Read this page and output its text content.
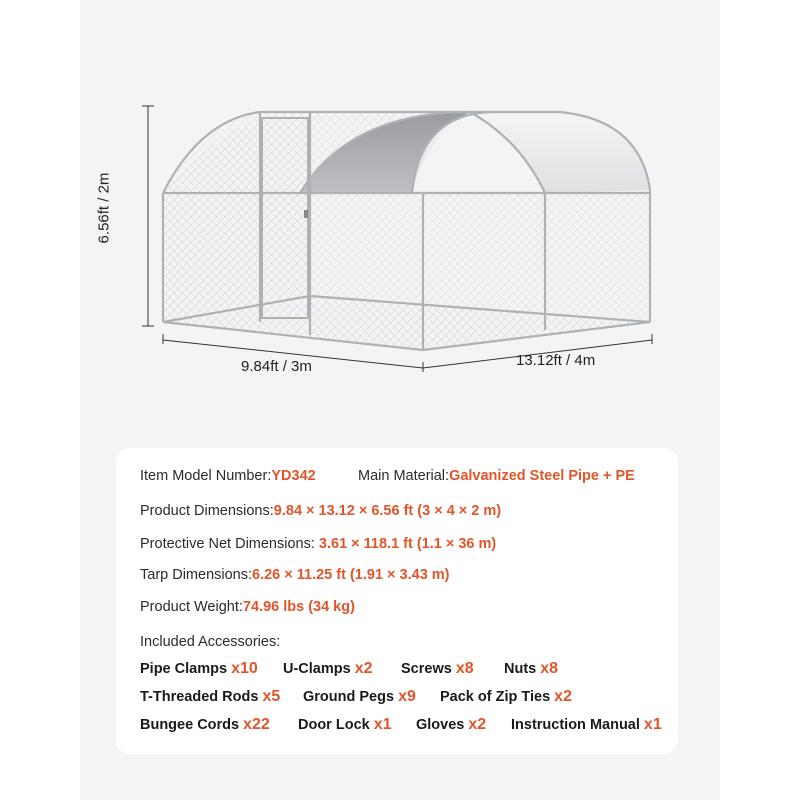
6.56ft / 2m
9.84ft / 3m	13.12ft / 4m
Item Model Number:YD342	Main Material:Galvanized Steel Pipe + PE
Product Dimensions:9.84 × 13.12 × 6.56 ft (3 × 4 × 2 m)
Protective Net Dimensions: 3.61 × 118.1 ft (1.1 × 36 m)
Tarp Dimensions:6.26 × 11.25 ft (1.91 × 3.43 m)
Product Weight:74.96 lbs (34 kg)
Included Accessories:
Pipe Clamps x10 U-Clamps x2 Screws x8 Nuts x8
T-Threaded Rods x5 Ground Pegs x9 Pack of Zip Ties x2
Bungee Cords x22 Door Lock x1 Gloves x2 Instruction Manual x1
